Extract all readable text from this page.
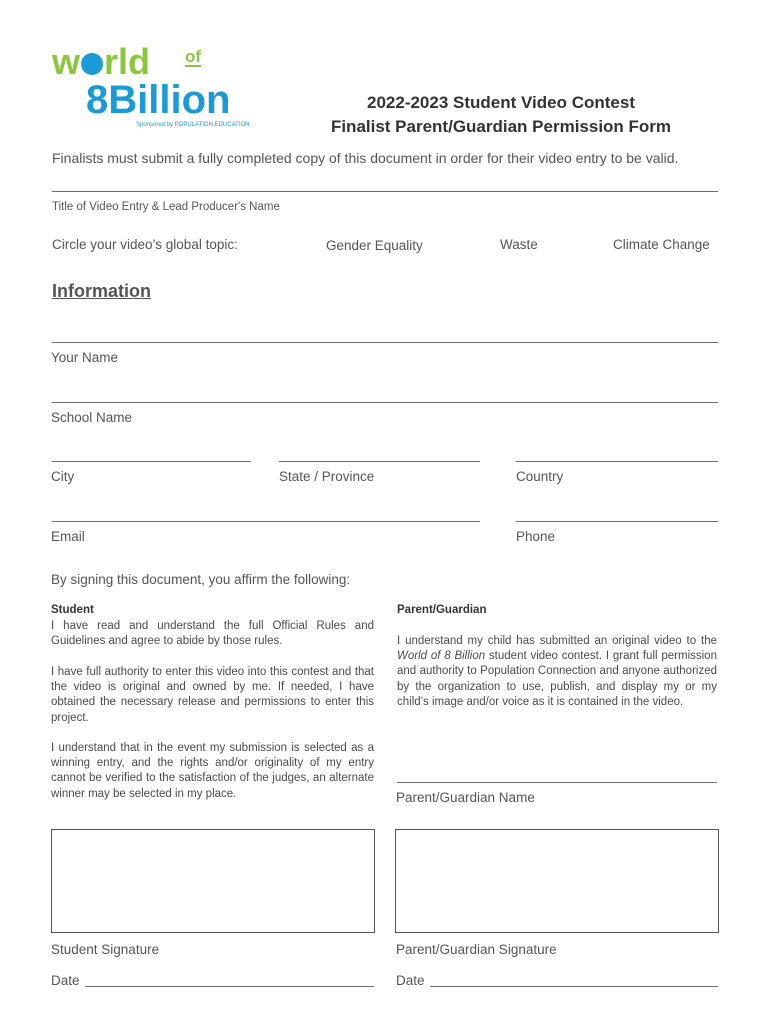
w rld of
8Billion
Sponsored by POPULATION EDUCATION
2022-2023 Student Video Contest
Finalist Parent/Guardian Permission Form
Finalists must submit a fully completed copy of this document in order for their video entry to be valid.
Title of Video Entry & Lead Producer's Name
Circle your video’s global topic:	Gender Equality	Waste	Climate Change
Information
Your Name
School Name
City	State / Province	Country
Email	Phone
By signing this document, you affirm the following:
Student
I have read and understand the full Official Rules and Guidelines and agree to abide by those rules.
I have full authority to enter this video into this contest and that the video is original and owned by me. If needed, I have obtained the necessary release and permissions to enter this project.
I understand that in the event my submission is selected as a winning entry, and the rights and/or originality of my entry cannot be verified to the satisfaction of the judges, an alternate winner may be selected in my place.
Parent/Guardian
I understand my child has submitted an original video to the World of 8 Billion student video contest. I grant full permission and authority to Population Connection and anyone authorized by the organization to use, publish, and display my or my child’s image and/or voice as it is contained in the video.
Parent/Guardian Name
Student Signature	Parent/Guardian Signature
Date	Date
